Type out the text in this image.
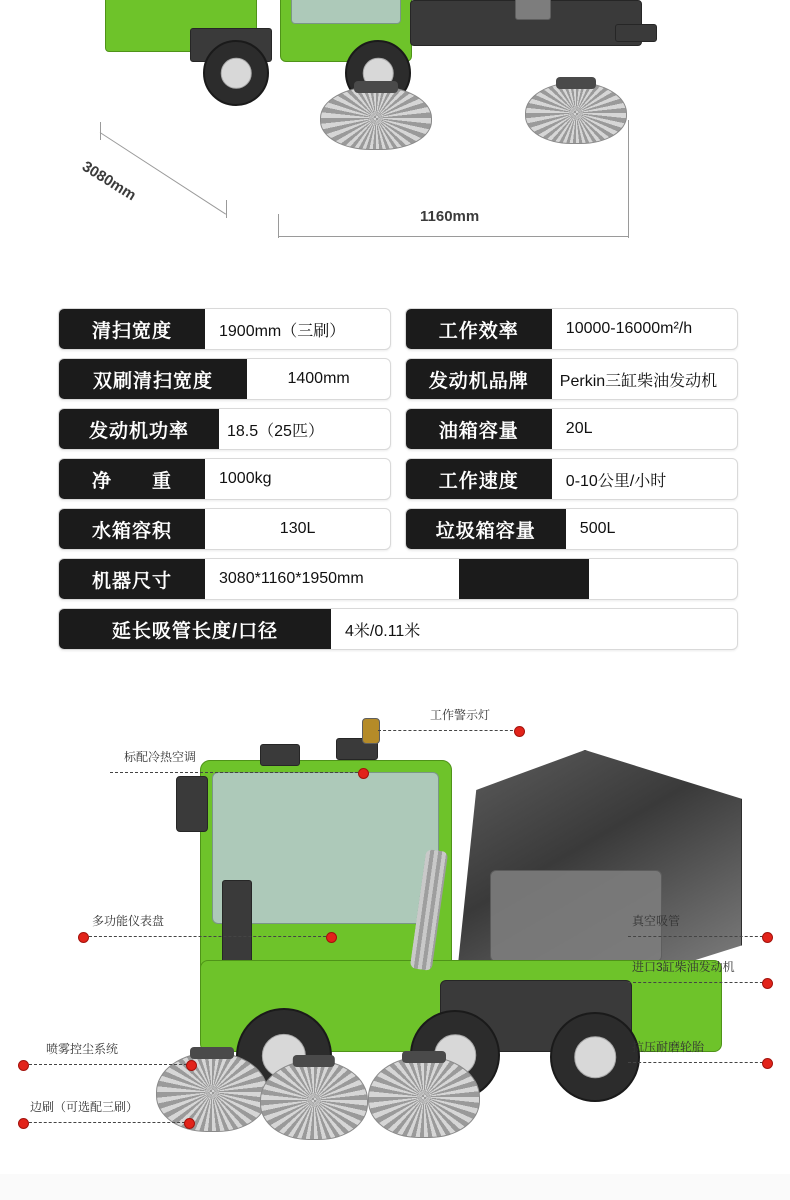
3080mm
1160mm
清扫宽度	1900mm（三刷）	工作效率	10000-16000m²/h
双刷清扫宽度	1400mm	发动机品牌	Perkin三缸柴油发动机
发动机功率	18.5（25匹）	油箱容量	20L
净　　重	1000kg	工作速度	0-10公里/小时
水箱容积	130L	垃圾箱容量	500L
机器尺寸	3080*1160*1950mm
延长吸管长度/口径	4米/0.11米
工作警示灯
标配冷热空调
多功能仪表盘
喷雾控尘系统
边刷（可选配三刷）
真空吸管
进口3缸柴油发动机
抗压耐磨轮胎
